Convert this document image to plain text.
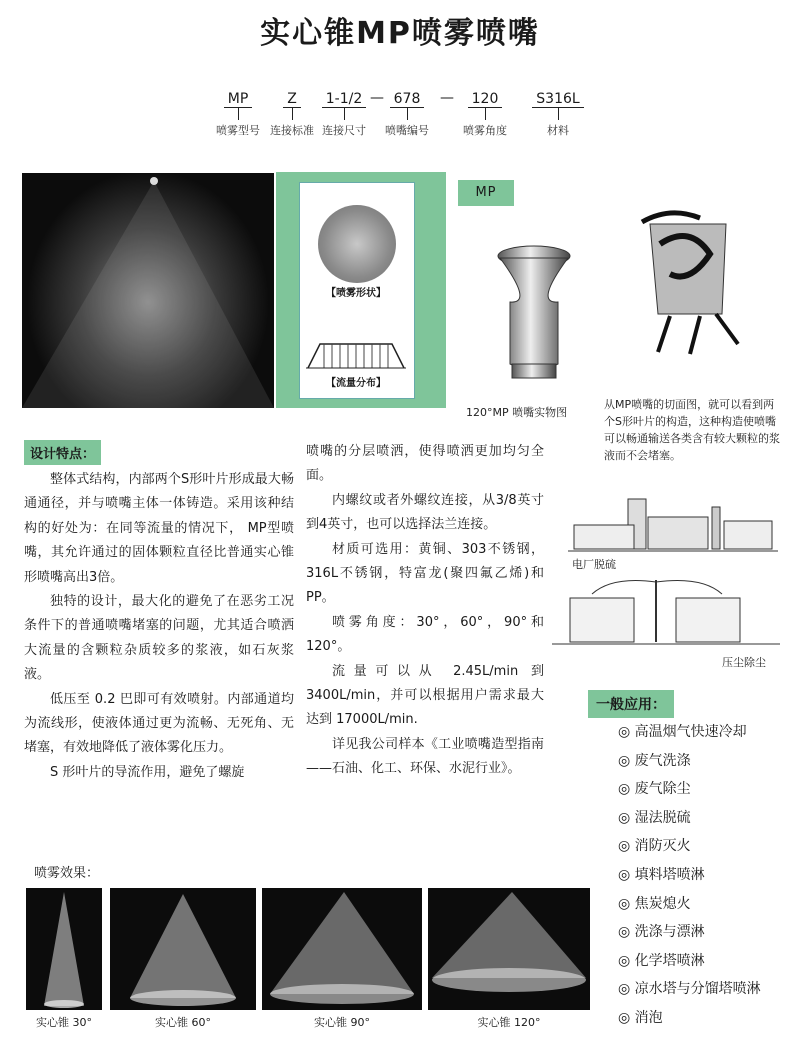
实心锥MP喷雾喷嘴
MP
喷雾型号
Z
连接标准
1-1/2
连接尺寸
— 678
喷嘴编号
—	120
喷雾角度
S316L
材料
【喷雾形状】
【流量分布】
MP
120°MP 喷嘴实物图
从MP喷嘴的切面图，就可以看到两个S形叶片的构造，这种构造使喷嘴可以畅通输送各类含有较大颗粒的浆液而不会堵塞。
设计特点：

整体式结构，内部两个S形叶片形成最大畅通通径，并与喷嘴主体一体铸造。采用该种结构的好处为：在同等流量的情况下， MP型喷嘴，其允许通过的固体颗粒直径比普通实心锥形喷嘴高出3倍。

独特的设计，最大化的避免了在恶劣工况条件下的普通喷嘴堵塞的问题，尤其适合喷洒大流量的含颗粒杂质较多的浆液，如石灰浆液。

低压至 0.2 巴即可有效喷射。内部通道均为流线形，使液体通过更为流畅、无死角、无堵塞，有效地降低了液体雾化压力。

S 形叶片的导流作用，避免了螺旋

喷嘴的分层喷洒，使得喷洒更加均匀全面。

内螺纹或者外螺纹连接，从3/8英寸到4英寸，也可以选择法兰连接。

材质可选用：黄铜、303不锈钢，316L不锈钢，特富龙(聚四氟乙烯)和PP。

喷雾角度：30°，60°，90°和 120°。

流量可以从 2.45L/min 到3400L/min，并可以根据用户需求最大达到 17000L/min.

详见我公司样本《工业喷嘴造型指南——石油、化工、环保、水泥行业》。

电厂脱硫
压尘除尘
一般应用：
◎ 高温烟气快速冷却
◎ 废气洗涤
◎ 废气除尘
◎ 湿法脱硫
◎ 消防灭火
◎ 填料塔喷淋
◎ 焦炭熄火
◎ 洗涤与漂淋
◎ 化学塔喷淋
◎ 凉水塔与分馏塔喷淋
◎ 消泡
喷雾效果：
实心锥 30°	实心锥 60°	实心锥 90°	实心锥 120°
